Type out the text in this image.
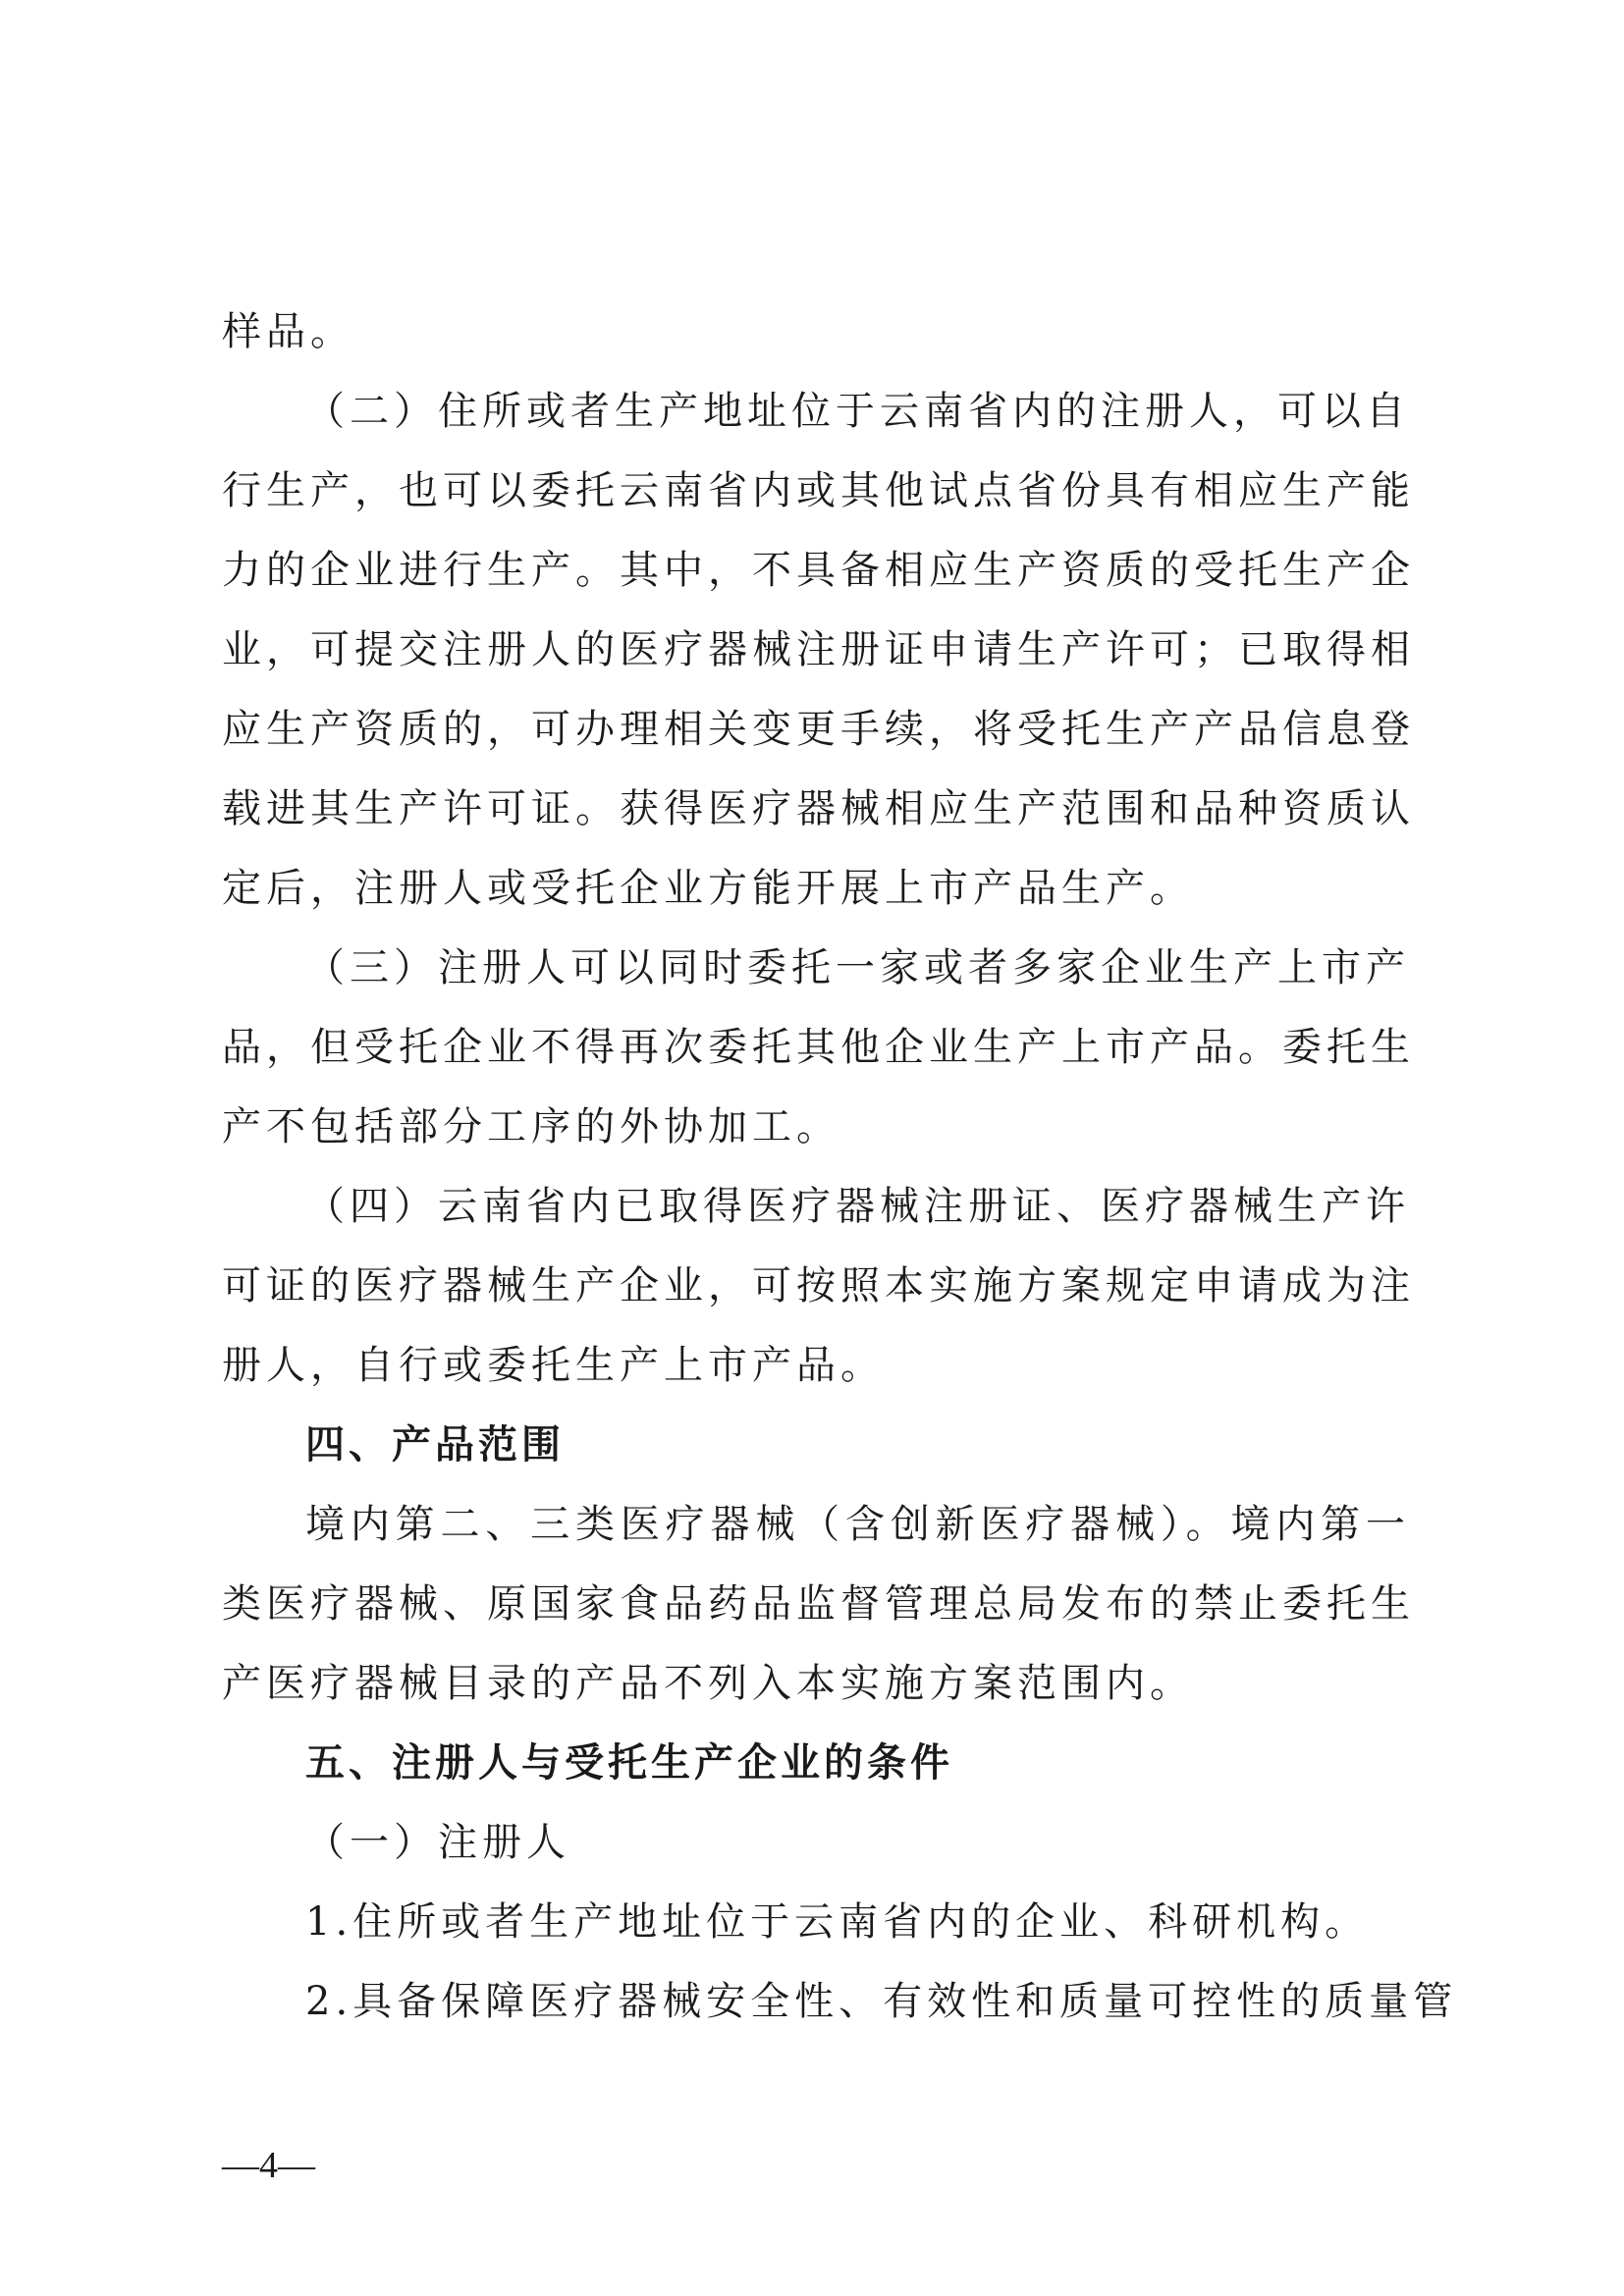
样品。
（二）住所或者生产地址位于云南省内的注册人，可以自
行生产，也可以委托云南省内或其他试点省份具有相应生产能
力的企业进行生产。其中，不具备相应生产资质的受托生产企
业，可提交注册人的医疗器械注册证申请生产许可；已取得相
应生产资质的，可办理相关变更手续，将受托生产产品信息登
载进其生产许可证。获得医疗器械相应生产范围和品种资质认
定后，注册人或受托企业方能开展上市产品生产。
（三）注册人可以同时委托一家或者多家企业生产上市产
品，但受托企业不得再次委托其他企业生产上市产品。委托生
产不包括部分工序的外协加工。
（四）云南省内已取得医疗器械注册证、医疗器械生产许
可证的医疗器械生产企业，可按照本实施方案规定申请成为注
册人，自行或委托生产上市产品。
四、产品范围
境内第二、三类医疗器械（含创新医疗器械）。境内第一
类医疗器械、原国家食品药品监督管理总局发布的禁止委托生
产医疗器械目录的产品不列入本实施方案范围内。
五、注册人与受托生产企业的条件
（一）注册人
1.住所或者生产地址位于云南省内的企业、科研机构。
2.具备保障医疗器械安全性、有效性和质量可控性的质量管
—4—
